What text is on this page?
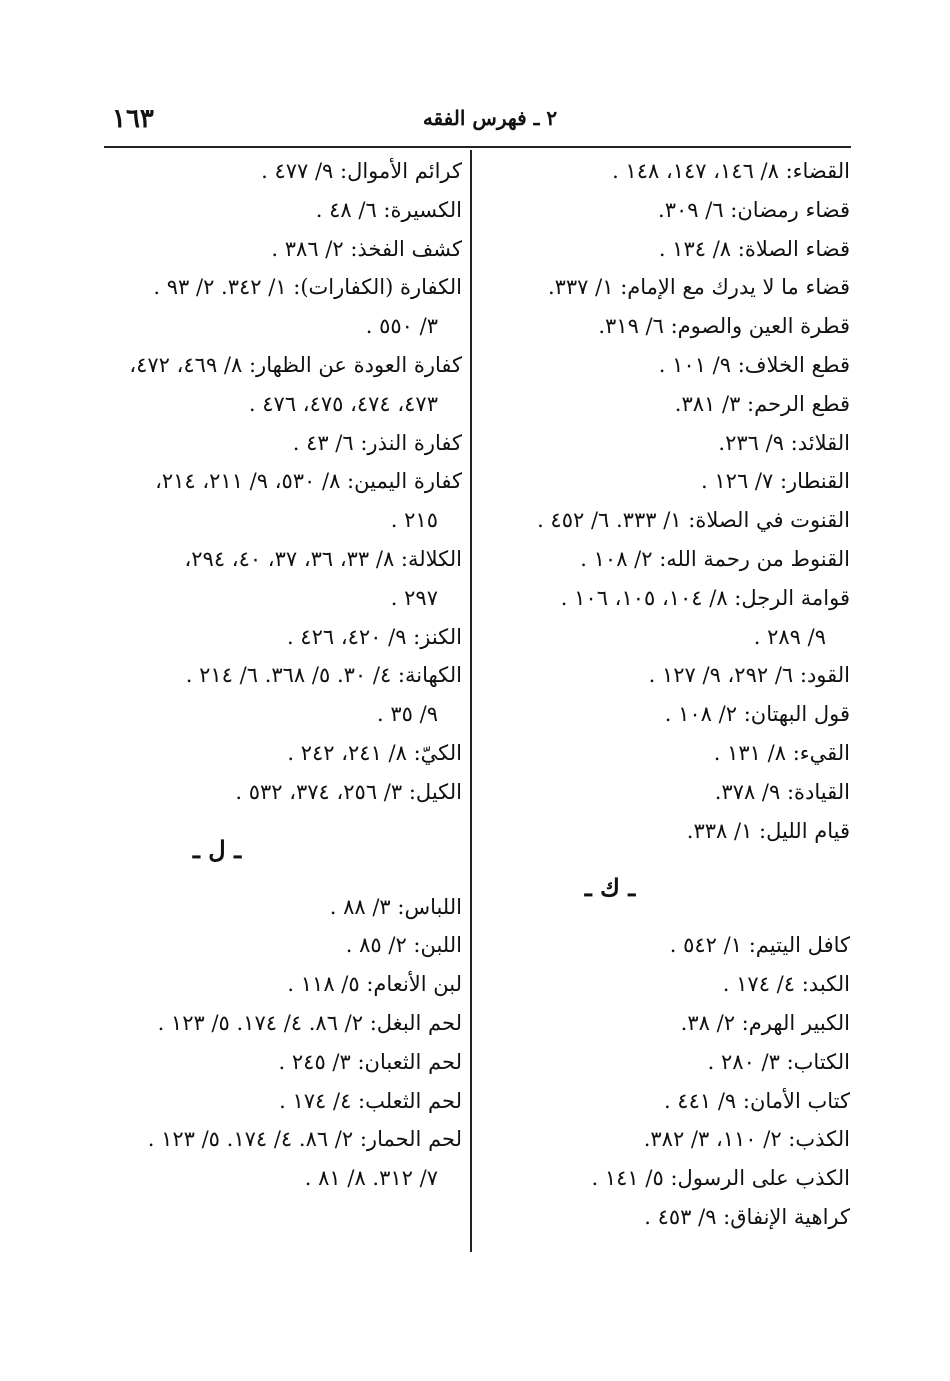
١٦٣	٢ ـ فهرس الفقه
القضاء: ٨/ ١٤٦، ١٤٧، ١٤٨ .
قضاء رمضان: ٦/ ٣٠٩.
قضاء الصلاة: ٨/ ١٣٤ .
قضاء ما لا يدرك مع الإمام: ١/ ٣٣٧.
قطرة العين والصوم: ٦/ ٣١٩.
قطع الخلاف: ٩/ ١٠١ .
قطع الرحم: ٣/ ٣٨١.
القلائد: ٩/ ٢٣٦.
القنطار: ٧/ ١٢٦ .
القنوت في الصلاة: ١/ ٣٣٣. ٦/ ٤٥٢ .
القنوط من رحمة الله: ٢/ ١٠٨ .
قوامة الرجل: ٨/ ١٠٤، ١٠٥، ١٠٦ .
٩/ ٢٨٩ .
القود: ٦/ ٢٩٢، ٩/ ١٢٧ .
قول البهتان: ٢/ ١٠٨ .
القيء: ٨/ ١٣١ .
القيادة: ٩/ ٣٧٨.
قيام الليل: ١/ ٣٣٨.
ـ ك ـ
كافل اليتيم: ١/ ٥٤٢ .
الكبد: ٤/ ١٧٤ .
الكبير الهرم: ٢/ ٣٨.
الكتاب: ٣/ ٢٨٠ .
كتاب الأمان: ٩/ ٤٤١ .
الكذب: ٢/ ١١٠، ٣/ ٣٨٢.
الكذب على الرسول: ٥/ ١٤١ .
كراهية الإنفاق: ٩/ ٤٥٣ .
كرائم الأموال: ٩/ ٤٧٧ .
الكسيرة: ٦/ ٤٨ .
كشف الفخذ: ٢/ ٣٨٦ .
الكفارة (الكفارات): ١/ ٣٤٢. ٢/ ٩٣ .
٣/ ٥٥٠ .
كفارة العودة عن الظهار: ٨/ ٤٦٩، ٤٧٢،
٤٧٣، ٤٧٤، ٤٧٥، ٤٧٦ .
كفارة النذر: ٦/ ٤٣ .
كفارة اليمين: ٨/ ٥٣٠، ٩/ ٢١١، ٢١٤،
٢١٥ .
الكلالة: ٨/ ٣٣، ٣٦، ٣٧، ٤٠، ٢٩٤،
٢٩٧ .
الكنز: ٩/ ٤٢٠، ٤٢٦ .
الكهانة: ٤/ ٣٠. ٥/ ٣٦٨. ٦/ ٢١٤ .
٩/ ٣٥ .
الكيّ: ٨/ ٢٤١، ٢٤٢ .
الكيل: ٣/ ٢٥٦، ٣٧٤، ٥٣٢ .
ـ ل ـ
اللباس: ٣/ ٨٨ .
اللبن: ٢/ ٨٥ .
لبن الأنعام: ٥/ ١١٨ .
لحم البغل: ٢/ ٨٦. ٤/ ١٧٤. ٥/ ١٢٣ .
لحم الثعبان: ٣/ ٢٤٥ .
لحم الثعلب: ٤/ ١٧٤ .
لحم الحمار: ٢/ ٨٦. ٤/ ١٧٤. ٥/ ١٢٣ .
٧/ ٣١٢. ٨/ ٨١ .
